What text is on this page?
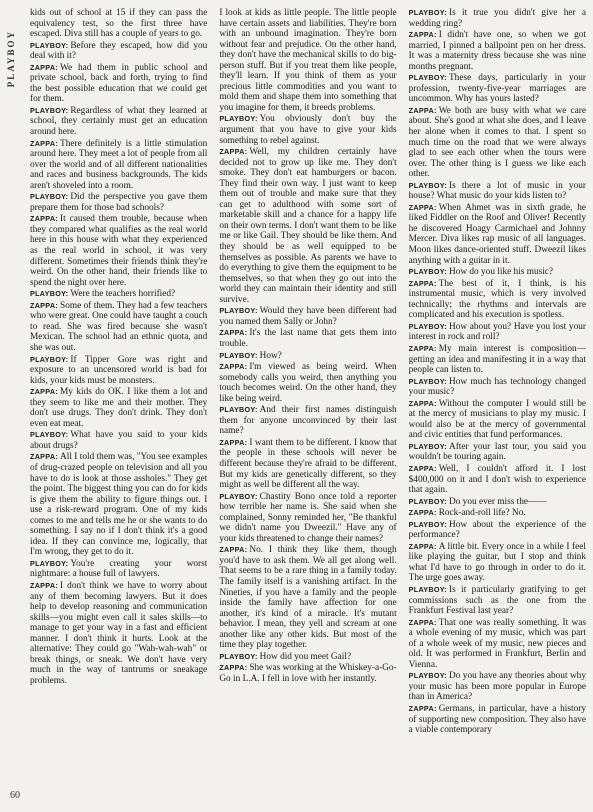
PLAYBOY

kids out of school at 15 if they can pass the equivalency test, so the first three have escaped. Diva still has a couple of years to go.

PLAYBOY: Before they escaped, how did you deal with it?

ZAPPA: We had them in public school and private school, back and forth, trying to find the best possible education that we could get for them.

PLAYBOY: Regardless of what they learned at school, they certainly must get an education around here.

ZAPPA: There definitely is a little stimulation around here. They meet a lot of people from all over the world and of all different nationalities and races and business backgrounds. The kids aren't shoveled into a room.

PLAYBOY: Did the perspective you gave them prepare them for those bad schools?

ZAPPA: It caused them trouble, because when they compared what qualifies as the real world here in this house with what they experienced as the real world in school, it was very different. Sometimes their friends think they're weird. On the other hand, their friends like to spend the night over here.

PLAYBOY: Were the teachers horrified?

ZAPPA: Some of them. They had a few teachers who were great. One could have taught a couch to read. She was fired because she wasn't Mexican. The school had an ethnic quota, and she was out.

PLAYBOY: If Tipper Gore was right and exposure to an uncensored world is bad for kids, your kids must be monsters.

ZAPPA: My kids do OK. I like them a lot and they seem to like me and their mother. They don't use drugs. They don't drink. They don't even eat meat.

PLAYBOY: What have you said to your kids about drugs?

ZAPPA: All I told them was, "You see examples of drug-crazed people on television and all you have to do is look at those assholes." They get the point. The biggest thing you can do for kids is give them the ability to figure things out. I use a risk-reward program. One of my kids comes to me and tells me he or she wants to do something. I say no if I don't think it's a good idea. If they can convince me, logically, that I'm wrong, they get to do it.

PLAYBOY: You're creating your worst nightmare: a house full of lawyers.

ZAPPA: I don't think we have to worry about any of them becoming lawyers. But it does help to develop reasoning and communication skills—you might even call it sales skills—to manage to get your way in a fast and efficient manner. I don't think it hurts. Look at the alternative: They could go "Wah-wah-wah" or break things, or sneak. We don't have very much in the way of tantrums or sneakage problems.

I look at kids as little people. The little people have certain assets and liabilities. They're born with an unbound imagination. They're born without fear and prejudice. On the other hand, they don't have the mechanical skills to do big-person stuff. But if you treat them like people, they'll learn. If you think of them as your precious little commodities and you want to mold them and shape them into something that you imagine for them, it breeds problems.

PLAYBOY: You obviously don't buy the argument that you have to give your kids something to rebel against.

ZAPPA: Well, my children certainly have decided not to grow up like me. They don't smoke. They don't eat hamburgers or bacon. They find their own way. I just want to keep them out of trouble and make sure that they can get to adulthood with some sort of marketable skill and a chance for a happy life on their own terms. I don't want them to be like me or like Gail. They should be like them. And they should be as well equipped to be themselves as possible. As parents we have to do everything to give them the equipment to be themselves, so that when they go out into the world they can maintain their identity and still survive.

PLAYBOY: Would they have been different had you named them Sally or John?

ZAPPA: It's the last name that gets them into trouble.

PLAYBOY: How?

ZAPPA: I'm viewed as being weird. When somebody calls you weird, then anything you touch becomes weird. On the other hand, they like being weird.

PLAYBOY: And their first names distinguish them for anyone unconvinced by their last name?

ZAPPA: I want them to be different. I know that the people in these schools will never be different because they're afraid to be different. But my kids are genetically different, so they might as well be different all the way.

PLAYBOY: Chastity Bono once told a reporter how terrible her name is. She said when she complained, Sonny reminded her, "Be thankful we didn't name you Dweezil." Have any of your kids threatened to change their names?

ZAPPA: No. I think they like them, though you'd have to ask them. We all get along well. That seems to be a rare thing in a family today. The family itself is a vanishing artifact. In the Nineties, if you have a family and the people inside the family have affection for one another, it's kind of a miracle. It's mutant behavior. I mean, they yell and scream at one another like any other kids. But most of the time they play together.

PLAYBOY: How did you meet Gail?

ZAPPA: She was working at the Whiskey-a-Go-Go in L.A. I fell in love with her instantly.

PLAYBOY: Is it true you didn't give her a wedding ring?

ZAPPA: I didn't have one, so when we got married, I pinned a ballpoint pen on her dress. It was a maternity dress because she was nine months pregnant.

PLAYBOY: These days, particularly in your profession, twenty-five-year marriages are uncommon. Why has yours lasted?

ZAPPA: We both are busy with what we care about. She's good at what she does, and I leave her alone when it comes to that. I spent so much time on the road that we were always glad to see each other when the tours were over. The other thing is I guess we like each other.

PLAYBOY: Is there a lot of music in your house? What music do your kids listen to?

ZAPPA: When Ahmet was in sixth grade, he liked Fiddler on the Roof and Oliver! Recently he discovered Hoagy Carmichael and Johnny Mercer. Diva likes rap music of all languages. Moon likes dance-oriented stuff. Dweezil likes anything with a guitar in it.

PLAYBOY: How do you like his music?

ZAPPA: The best of it, I think, is his instrumental music, which is very involved technically; the rhythms and intervals are complicated and his execution is spotless.

PLAYBOY: How about you? Have you lost your interest in rock and roll?

ZAPPA: My main interest is composition—getting an idea and manifesting it in a way that people can listen to.

PLAYBOY: How much has technology changed your music?

ZAPPA: Without the computer I would still be at the mercy of musicians to play my music. I would also be at the mercy of governmental and civic entities that fund performances.

PLAYBOY: After your last tour, you said you wouldn't be touring again.

ZAPPA: Well, I couldn't afford it. I lost $400,000 on it and I don't wish to experience that again.

PLAYBOY: Do you ever miss the——

ZAPPA: Rock-and-roll life? No.

PLAYBOY: How about the experience of the performance?

ZAPPA: A little bit. Every once in a while I feel like playing the guitar, but I stop and think what I'd have to go through in order to do it. The urge goes away.

PLAYBOY: Is it particularly gratifying to get commissions such as the one from the Frankfurt Festival last year?

ZAPPA: That one was really something. It was a whole evening of my music, which was part of a whole week of my music, new pieces and old. It was performed in Frankfurt, Berlin and Vienna.

PLAYBOY: Do you have any theories about why your music has been more popular in Europe than in America?

ZAPPA: Germans, in particular, have a history of supporting new composition. They also have a viable contemporary

60
